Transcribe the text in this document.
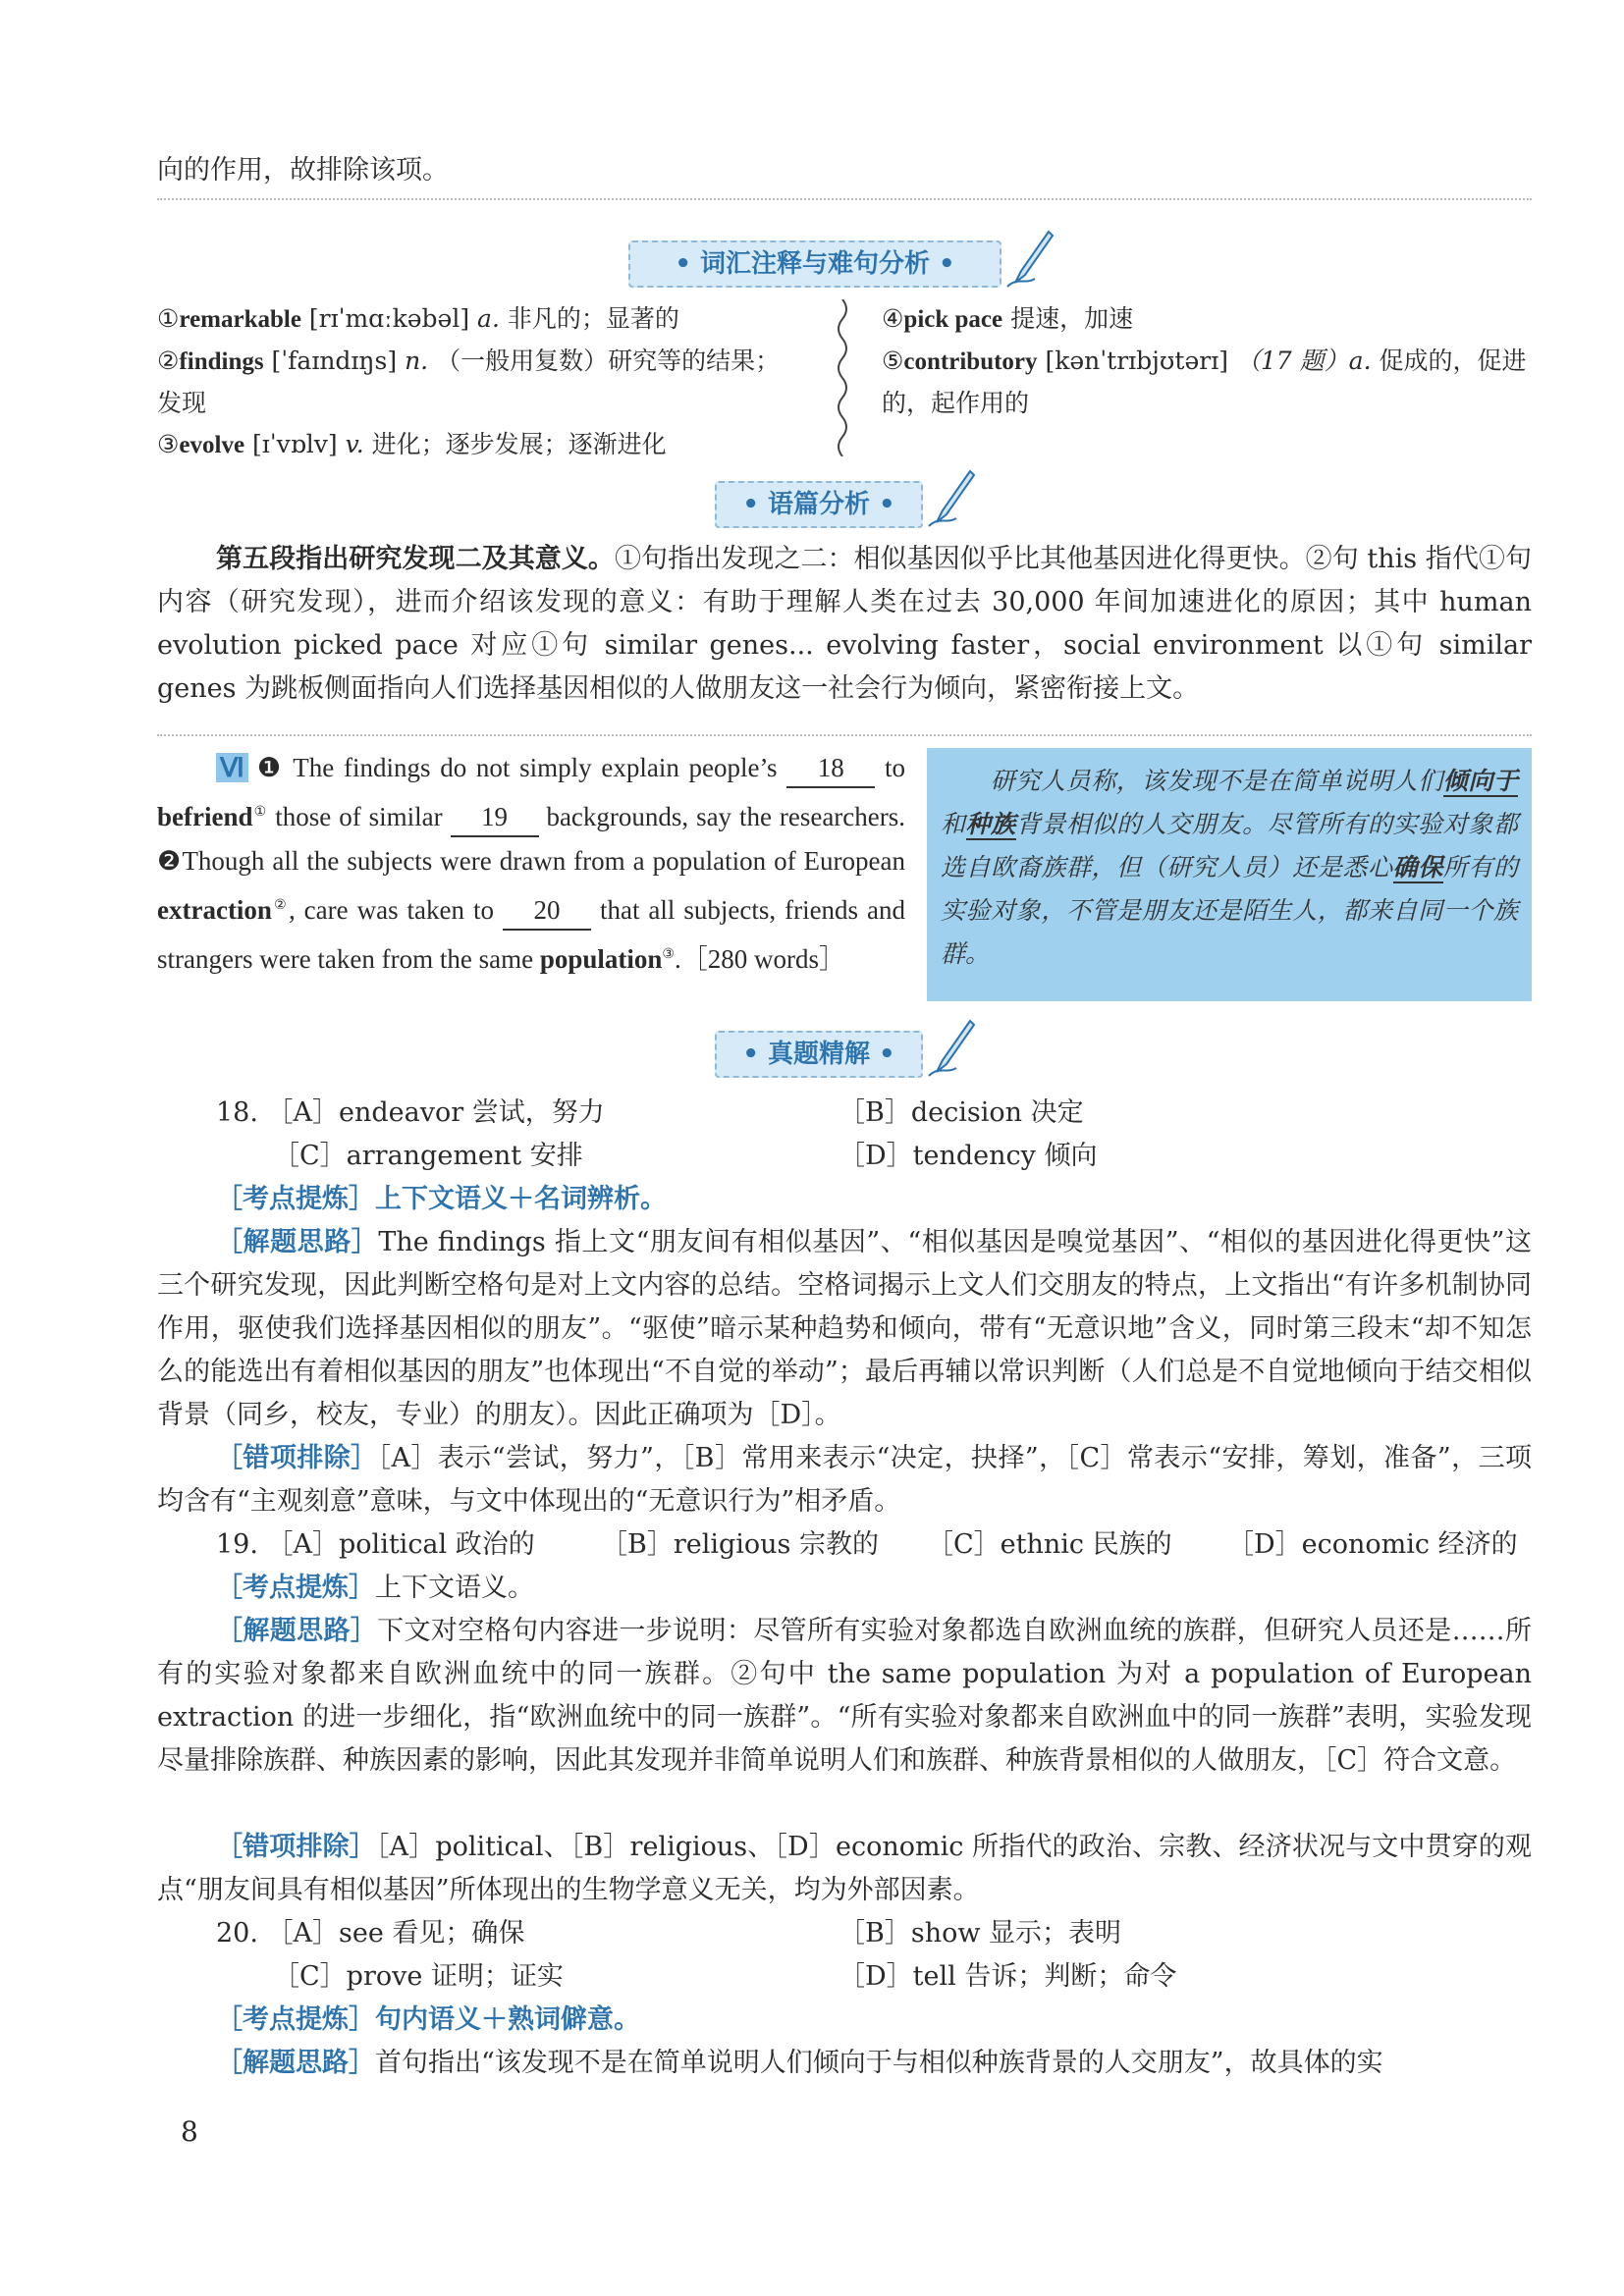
向的作用，故排除该项。
• 词汇注释与难句分析 •
①remarkable [rɪˈmɑːkəbəl] a. 非凡的；显著的
②findings [ˈfaɪndɪŋs] n. （一般用复数）研究等的结果；
发现
③evolve [ɪˈvɒlv] v. 进化；逐步发展；逐渐进化
④pick pace 提速，加速
⑤contributory [kənˈtrɪbjʊtərɪ] （17 题）a. 促成的，促进
的，起作用的
• 语篇分析 •
第五段指出研究发现二及其意义。①句指出发现之二：相似基因似乎比其他基因进化得更快。②句 this 指代①句内容（研究发现），进而介绍该发现的意义：有助于理解人类在过去 30,000 年间加速进化的原因；其中 human evolution picked pace 对应①句 similar genes... evolving faster，social environment 以①句 similar genes 为跳板侧面指向人们选择基因相似的人做朋友这一社会行为倾向，紧密衔接上文。
Ⅵ ❶ The findings do not simply explain people’s 18 to befriend① those of similar 19 backgrounds, say the researchers. ❷Though all the subjects were drawn from a population of European extraction②, care was taken to 20 that all subjects, friends and strangers were taken from the same population③.［280 words］
研究人员称，该发现不是在简单说明人们倾向于和种族背景相似的人交朋友。尽管所有的实验对象都选自欧裔族群，但（研究人员）还是悉心确保所有的实验对象，不管是朋友还是陌生人，都来自同一个族群。
• 真题精解 •
18. ［A］endeavor 尝试，努力	［B］decision 决定
［C］arrangement 安排	［D］tendency 倾向
［考点提炼］上下文语义＋名词辨析。
［解题思路］The findings 指上文“朋友间有相似基因”、“相似基因是嗅觉基因”、“相似的基因进化得更快”这三个研究发现，因此判断空格句是对上文内容的总结。空格词揭示上文人们交朋友的特点，上文指出“有许多机制协同作用，驱使我们选择基因相似的朋友”。“驱使”暗示某种趋势和倾向，带有“无意识地”含义，同时第三段末“却不知怎么的能选出有着相似基因的朋友”也体现出“不自觉的举动”；最后再辅以常识判断（人们总是不自觉地倾向于结交相似背景（同乡，校友，专业）的朋友）。因此正确项为［D］。
［错项排除］［A］表示“尝试，努力”，［B］常用来表示“决定，抉择”，［C］常表示“安排，筹划，准备”，三项均含有“主观刻意”意味，与文中体现出的“无意识行为”相矛盾。
19. ［A］political 政治的 ［B］religious 宗教的 ［C］ethnic 民族的 ［D］economic 经济的
［考点提炼］上下文语义。
［解题思路］下文对空格句内容进一步说明：尽管所有实验对象都选自欧洲血统的族群，但研究人员还是……所有的实验对象都来自欧洲血统中的同一族群。②句中 the same population 为对 a population of European extraction 的进一步细化，指“欧洲血统中的同一族群”。“所有实验对象都来自欧洲血中的同一族群”表明，实验发现尽量排除族群、种族因素的影响，因此其发现并非简单说明人们和族群、种族背景相似的人做朋友，［C］符合文意。
［错项排除］［A］political、［B］religious、［D］economic 所指代的政治、宗教、经济状况与文中贯穿的观点“朋友间具有相似基因”所体现出的生物学意义无关，均为外部因素。
20. ［A］see 看见；确保	［B］show 显示；表明
［C］prove 证明；证实	［D］tell 告诉；判断；命令
［考点提炼］句内语义＋熟词僻意。
［解题思路］首句指出“该发现不是在简单说明人们倾向于与相似种族背景的人交朋友”，故具体的实
8
